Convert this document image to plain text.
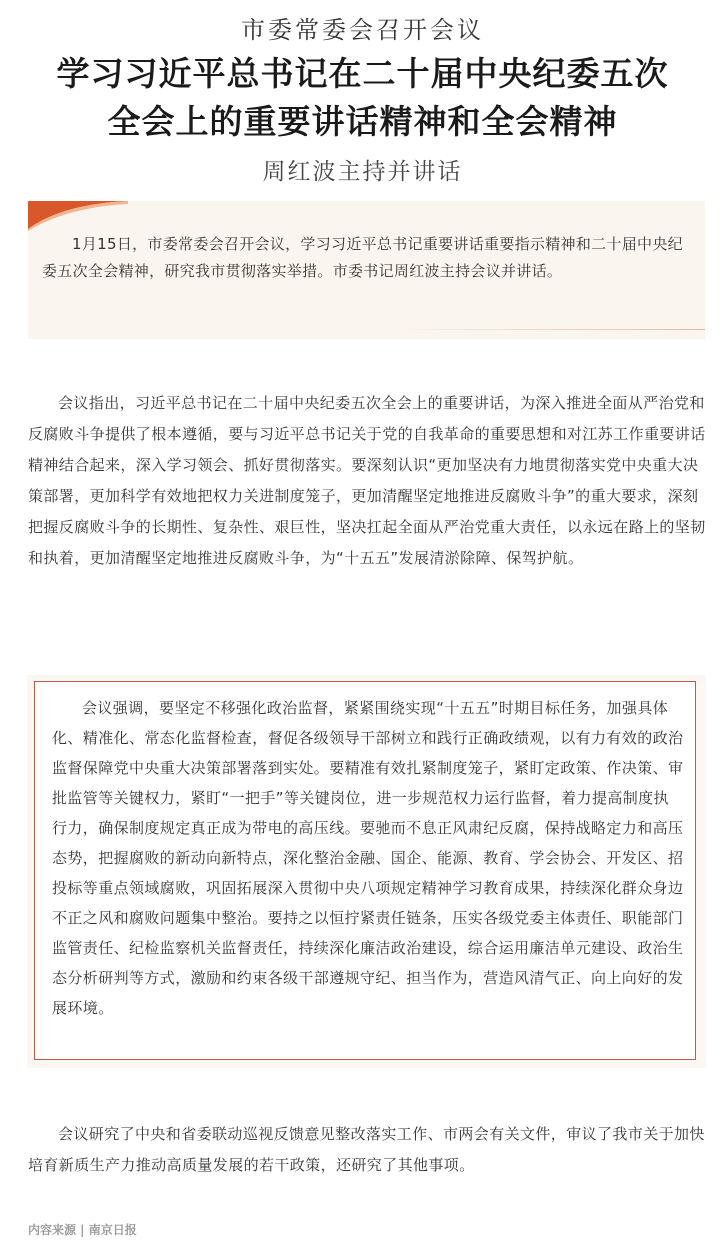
市委常委会召开会议
学习习近平总书记在二十届中央纪委五次
全会上的重要讲话精神和全会精神
周红波主持并讲话
1月15日，市委常委会召开会议，学习习近平总书记重要讲话重要指示精神和二十届中央纪委五次全会精神，研究我市贯彻落实举措。市委书记周红波主持会议并讲话。
会议指出，习近平总书记在二十届中央纪委五次全会上的重要讲话，为深入推进全面从严治党和反腐败斗争提供了根本遵循，要与习近平总书记关于党的自我革命的重要思想和对江苏工作重要讲话精神结合起来，深入学习领会、抓好贯彻落实。要深刻认识“更加坚决有力地贯彻落实党中央重大决策部署，更加科学有效地把权力关进制度笼子，更加清醒坚定地推进反腐败斗争”的重大要求，深刻把握反腐败斗争的长期性、复杂性、艰巨性，坚决扛起全面从严治党重大责任，以永远在路上的坚韧和执着，更加清醒坚定地推进反腐败斗争，为“十五五”发展清淤除障、保驾护航。
会议强调，要坚定不移强化政治监督，紧紧围绕实现“十五五”时期目标任务，加强具体化、精准化、常态化监督检查，督促各级领导干部树立和践行正确政绩观，以有力有效的政治监督保障党中央重大决策部署落到实处。要精准有效扎紧制度笼子，紧盯定政策、作决策、审批监管等关键权力，紧盯“一把手”等关键岗位，进一步规范权力运行监督，着力提高制度执行力，确保制度规定真正成为带电的高压线。要驰而不息正风肃纪反腐，保持战略定力和高压态势，把握腐败的新动向新特点，深化整治金融、国企、能源、教育、学会协会、开发区、招投标等重点领域腐败，巩固拓展深入贯彻中央八项规定精神学习教育成果，持续深化群众身边不正之风和腐败问题集中整治。要持之以恒拧紧责任链条，压实各级党委主体责任、职能部门监管责任、纪检监察机关监督责任，持续深化廉洁政治建设，综合运用廉洁单元建设、政治生态分析研判等方式，激励和约束各级干部遵规守纪、担当作为，营造风清气正、向上向好的发展环境。
会议研究了中央和省委联动巡视反馈意见整改落实工作、市两会有关文件，审议了我市关于加快培育新质生产力推动高质量发展的若干政策，还研究了其他事项。
内容来源 | 南京日报
